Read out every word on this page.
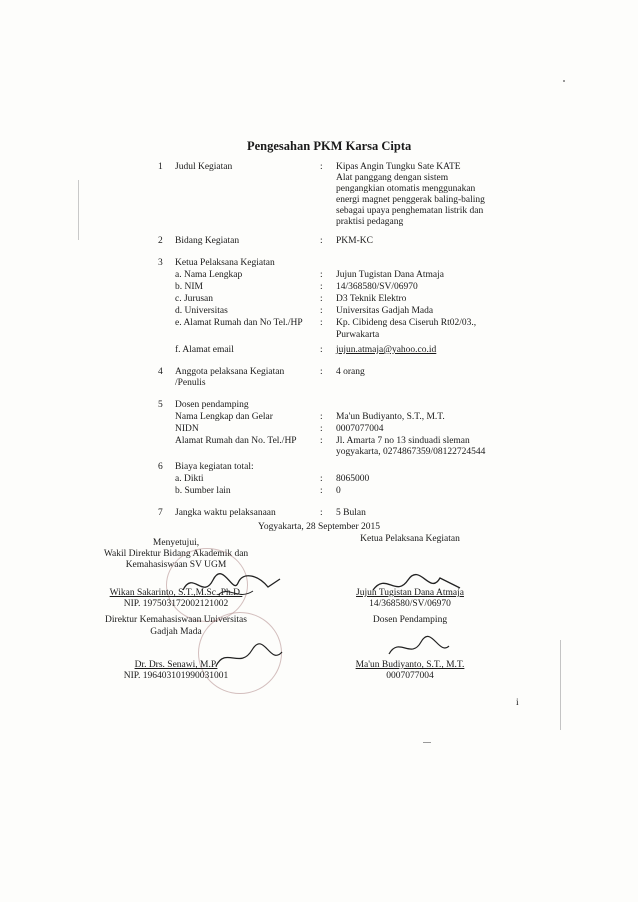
Pengesahan PKM Karsa Cipta
1 Judul Kegiatan	: Kipas Angin Tungku Sate KATE
Alat panggang dengan sistem
pengangkian otomatis menggunakan
energi magnet penggerak baling-baling
sebagai upaya penghematan listrik dan
praktisi pedagang
2 Bidang Kegiatan	: PKM-KC
3 Ketua Pelaksana Kegiatan
a. Nama Lengkap	: Jujun Tugistan Dana Atmaja
b. NIM	: 14/368580/SV/06970
c. Jurusan	: D3 Teknik Elektro
d. Universitas	: Universitas Gadjah Mada
e. Alamat Rumah dan No Tel./HP : Kp. Cibideng desa Ciseruh Rt02/03.,
Purwakarta
f. Alamat email	: jujun.atmaja@yahoo.co.id
4 Anggota pelaksana Kegiatan
/Penulis
: 4 orang
5 Dosen pendamping
Nama Lengkap dan Gelar	: Ma'un Budiyanto, S.T., M.T.
NIDN	: 0007077004
Alamat Rumah dan No. Tel./HP : Jl. Amarta 7 no 13 sinduadi sleman
yogyakarta, 0274867359/08122724544
6 Biaya kegiatan total:
a. Dikti	: 8065000
b. Sumber lain	: 0
7 Jangka waktu pelaksanaan	: 5 Bulan
Yogyakarta, 28 September 2015
Menyetujui,
Wakil Direktur Bidang Akademik dan
Kemahasiswaan SV UGM
Wikan Sakarinto, S.T.,M.Sc.,Ph.D.
NIP. 197503172002121002
Ketua Pelaksana Kegiatan
Jujun Tugistan Dana Atmaja
14/368580/SV/06970
Direktur Kemahasiswaan Universitas
Gadjah Mada
Dr. Drs. Senawi, M.P.
NIP. 196403101990031001
Dosen Pendamping
Ma'un Budiyanto, S.T., M.T.
0007077004
i
